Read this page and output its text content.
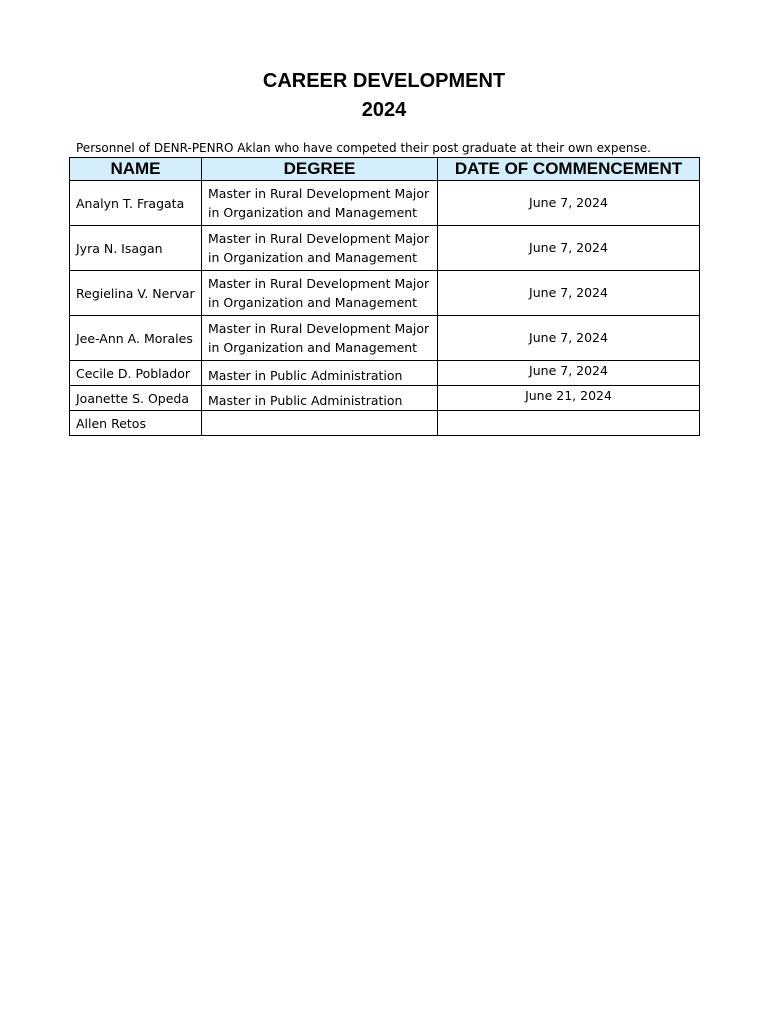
CAREER DEVELOPMENT
2024
Personnel of DENR-PENRO Aklan who have competed their post graduate at their own expense.
NAME	DEGREE	DATE OF COMMENCEMENT
Analyn T. Fragata	Master in Rural Development Major in Organization and Management	June 7, 2024
Jyra N. Isagan	Master in Rural Development Major in Organization and Management	June 7, 2024
Regielina V. Nervar	Master in Rural Development Major in Organization and Management	June 7, 2024
Jee-Ann A. Morales	Master in Rural Development Major in Organization and Management	June 7, 2024
Cecile D. Poblador	Master in Public Administration	June 7, 2024
Joanette S. Opeda	Master in Public Administration	June 21, 2024
Allen Retos		
